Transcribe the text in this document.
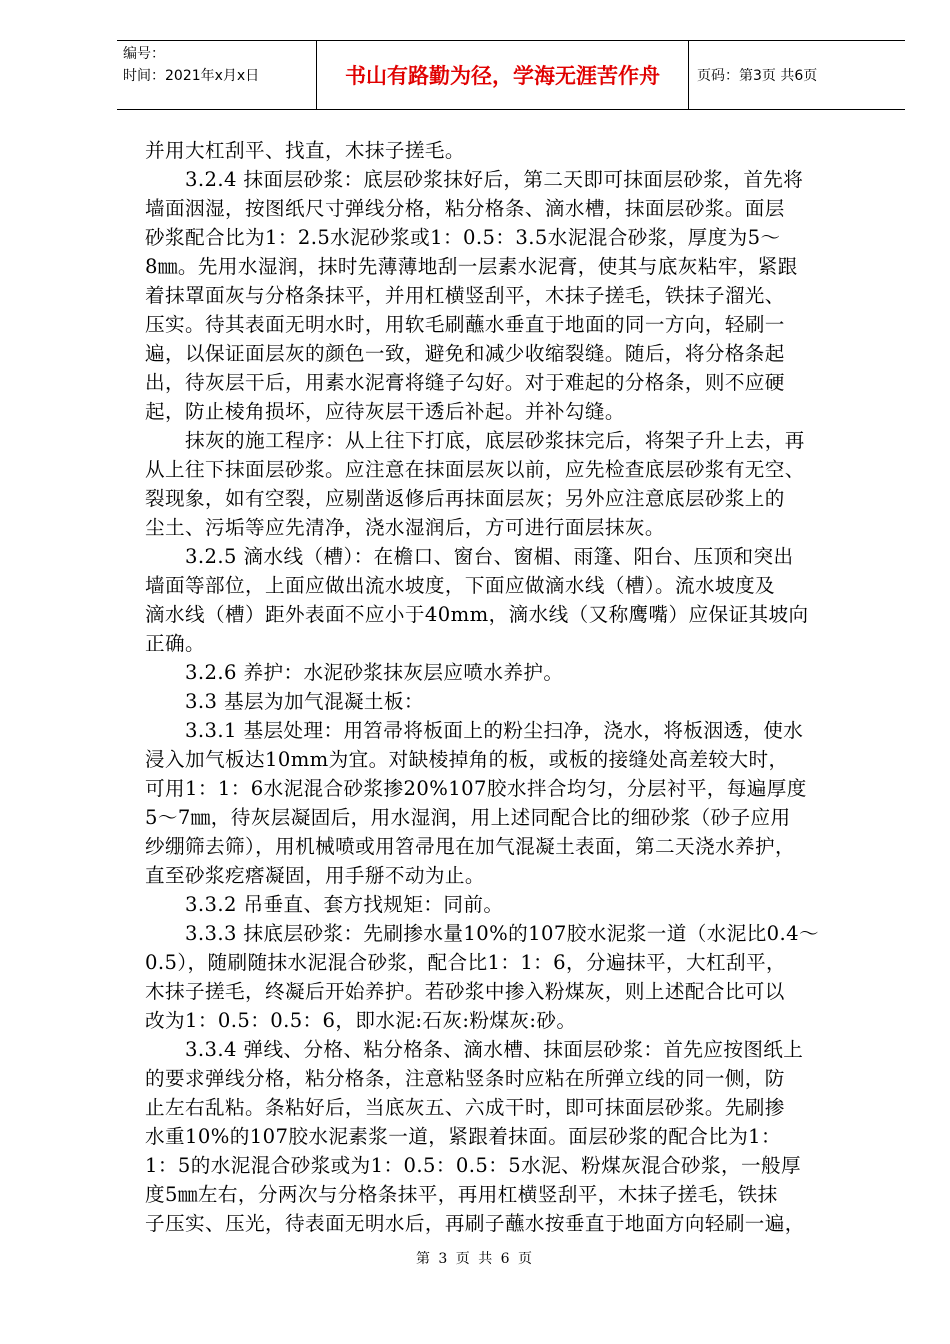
编号：
时间：2021年x月x日	书山有路勤为径，学海无涯苦作舟	页码：第3页 共6页
并用大杠刮平、找直，木抹子搓毛。
　　3.2.4 抹面层砂浆：底层砂浆抹好后，第二天即可抹面层砂浆，首先将
墙面洇湿，按图纸尺寸弹线分格，粘分格条、滴水槽，抹面层砂浆。面层
砂浆配合比为1：2.5水泥砂浆或1：0.5：3.5水泥混合砂浆，厚度为5～
8㎜。先用水湿润，抹时先薄薄地刮一层素水泥膏，使其与底灰粘牢，紧跟
着抹罩面灰与分格条抹平，并用杠横竖刮平，木抹子搓毛，铁抹子溜光、
压实。待其表面无明水时，用软毛刷蘸水垂直于地面的同一方向，轻刷一
遍，以保证面层灰的颜色一致，避免和减少收缩裂缝。随后，将分格条起
出，待灰层干后，用素水泥膏将缝子勾好。对于难起的分格条，则不应硬
起，防止棱角损坏，应待灰层干透后补起。并补勾缝。
　　抹灰的施工程序：从上往下打底，底层砂浆抹完后，将架子升上去，再
从上往下抹面层砂浆。应注意在抹面层灰以前，应先检查底层砂浆有无空、
裂现象，如有空裂，应剔凿返修后再抹面层灰；另外应注意底层砂浆上的
尘土、污垢等应先清净，浇水湿润后，方可进行面层抹灰。
　　3.2.5 滴水线（槽）：在檐口、窗台、窗楣、雨篷、阳台、压顶和突出
墙面等部位，上面应做出流水坡度，下面应做滴水线（槽）。流水坡度及
滴水线（槽）距外表面不应小于40mm，滴水线（又称鹰嘴）应保证其坡向
正确。
　　3.2.6 养护：水泥砂浆抹灰层应喷水养护。
　　3.3 基层为加气混凝土板：
　　3.3.1 基层处理：用笤帚将板面上的粉尘扫净，浇水，将板洇透，使水
浸入加气板达10mm为宜。对缺棱掉角的板，或板的接缝处高差较大时，
可用1：1：6水泥混合砂浆掺20%107胶水拌合均匀，分层衬平，每遍厚度
5～7㎜，待灰层凝固后，用水湿润，用上述同配合比的细砂浆（砂子应用
纱绷筛去筛），用机械喷或用笤帚甩在加气混凝土表面，第二天浇水养护，
直至砂浆疙瘩凝固，用手掰不动为止。
　　3.3.2 吊垂直、套方找规矩：同前。
　　3.3.3 抹底层砂浆：先刷掺水量10%的107胶水泥浆一道（水泥比0.4～
0.5），随刷随抹水泥混合砂浆，配合比1：1：6，分遍抹平，大杠刮平，
木抹子搓毛，终凝后开始养护。若砂浆中掺入粉煤灰，则上述配合比可以
改为1：0.5：0.5：6，即水泥:石灰:粉煤灰:砂。
　　3.3.4 弹线、分格、粘分格条、滴水槽、抹面层砂浆：首先应按图纸上
的要求弹线分格，粘分格条，注意粘竖条时应粘在所弹立线的同一侧，防
止左右乱粘。条粘好后，当底灰五、六成干时，即可抹面层砂浆。先刷掺
水重10%的107胶水泥素浆一道，紧跟着抹面。面层砂浆的配合比为1：
1：5的水泥混合砂浆或为1：0.5：0.5：5水泥、粉煤灰混合砂浆，一般厚
度5㎜左右，分两次与分格条抹平，再用杠横竖刮平，木抹子搓毛，铁抹
子压实、压光，待表面无明水后，再刷子蘸水按垂直于地面方向轻刷一遍，
第 3 页 共 6 页
